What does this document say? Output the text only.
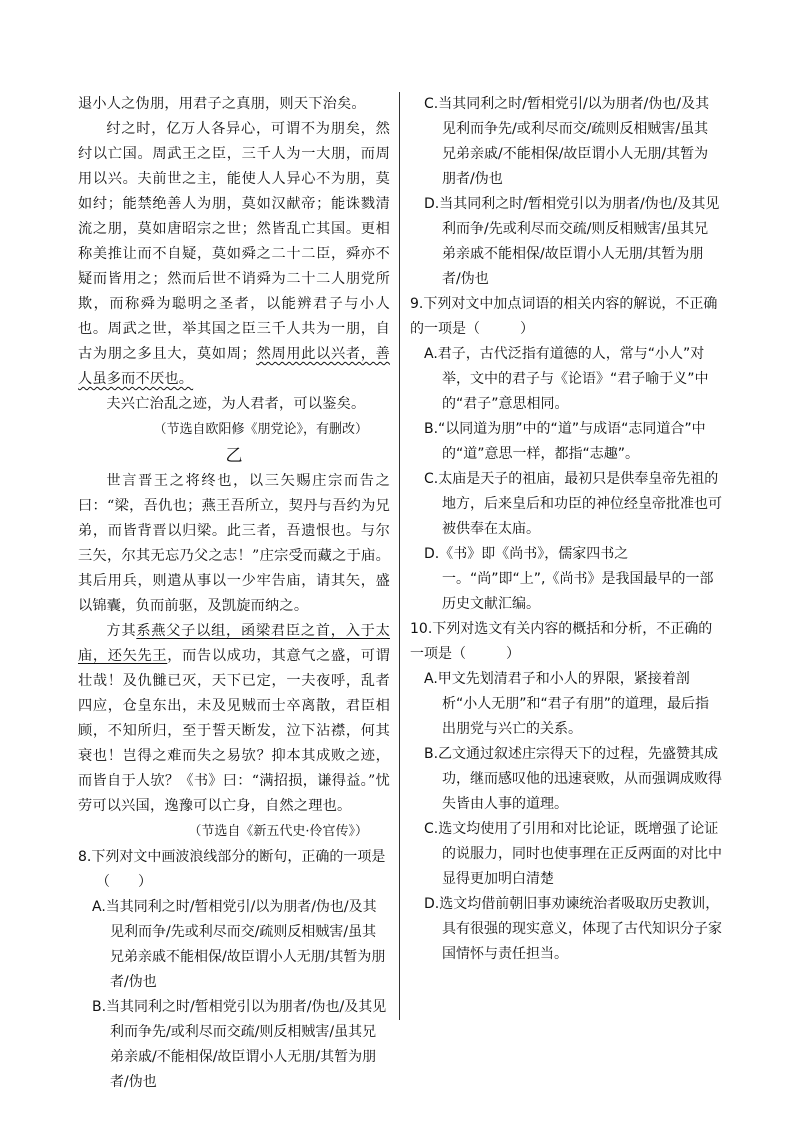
退小人之伪朋，用君子之真朋，则天下治矣。

纣之时，亿万人各异心，可谓不为朋矣，然纣以亡国。周武王之臣，三千人为一大朋，而周用以兴。夫前世之主，能使人人异心不为朋，莫如纣；能禁绝善人为朋，莫如汉献帝；能诛戮清流之朋，莫如唐昭宗之世；然皆乱亡其国。更相称美推让而不自疑，莫如舜之二十二臣，舜亦不疑而皆用之；然而后世不诮舜为二十二人朋党所欺，而称舜为聪明之圣者，以能辨君子与小人也。周武之世，举其国之臣三千人共为一朋，自古为朋之多且大，莫如周；然周用此以兴者，善人虽多而不厌也。

夫兴亡治乱之迹，为人君者，可以鉴矣。

（节选自欧阳修《朋党论》，有删改）

乙

世言晋王之将终也，以三矢赐庄宗而告之曰：“梁，吾仇也；燕王吾所立，契丹与吾约为兄弟，而皆背晋以归梁。此三者，吾遗恨也。与尔三矢，尔其无忘乃父之志！”庄宗受而藏之于庙。其后用兵，则遣从事以一少牢告庙，请其矢，盛以锦囊，负而前驱，及凯旋而纳之。

方其系燕父子以组，函梁君臣之首，入于太庙，还矢先王，而告以成功，其意气之盛，可谓壮哉！及仇雠已灭，天下已定，一夫夜呼，乱者四应，仓皇东出，未及见贼而士卒离散，君臣相顾，不知所归，至于誓天断发，泣下沾襟，何其衰也！岂得之难而失之易欤？抑本其成败之迹，而皆自于人欤？《书》曰：“满招损，谦得益。”忧劳可以兴国，逸豫可以亡身，自然之理也。

（节选自《新五代史·伶官传》）

8.下列对文中画波浪线部分的断句，正确的一项是

（　　）

A.当其同利之时/暂相党引/以为朋者/伪也/及其见利而争/先或利尽而交/疏则反相贼害/虽其兄弟亲戚不能相保/故臣谓小人无朋/其暂为朋者/伪也

B.当其同利之时/暂相党引以为朋者/伪也/及其见利而争先/或利尽而交疏/则反相贼害/虽其兄弟亲戚/不能相保/故臣谓小人无朋/其暂为朋者/伪也

C.当其同利之时/暂相党引/以为朋者/伪也/及其见利而争先/或利尽而交/疏则反相贼害/虽其兄弟亲戚/不能相保/故臣谓小人无朋/其暂为朋者/伪也

D.当其同利之时/暂相党引以为朋者/伪也/及其见利而争/先或利尽而交疏/则反相贼害/虽其兄弟亲戚不能相保/故臣谓小人无朋/其暂为朋者/伪也

9.下列对文中加点词语的相关内容的解说，不正确的一项是（	）

A.君子，古代泛指有道德的人，常与“小人”对举，文中的君子与《论语》“君子喻于义”中的“君子”意思相同。

B.“以同道为朋”中的“道”与成语“志同道合”中的“道”意思一样，都指“志趣”。

C.太庙是天子的祖庙，最初只是供奉皇帝先祖的地方，后来皇后和功臣的神位经皇帝批准也可被供奉在太庙。

D.《书》即《尚书》，儒家四书之一。“尚”即“上”,《尚书》是我国最早的一部历史文献汇编。

10.下列对选文有关内容的概括和分析，不正确的一项是（	）

A.甲文先划清君子和小人的界限，紧接着剖析“小人无朋”和“君子有朋”的道理，最后指出朋党与兴亡的关系。

B.乙文通过叙述庄宗得天下的过程，先盛赞其成功，继而感叹他的迅速衰败，从而强调成败得失皆由人事的道理。

C.选文均使用了引用和对比论证，既增强了论证的说服力，同时也使事理在正反两面的对比中显得更加明白清楚

D.选文均借前朝旧事劝谏统治者吸取历史教训，具有很强的现实意义，体现了古代知识分子家国情怀与责任担当。
